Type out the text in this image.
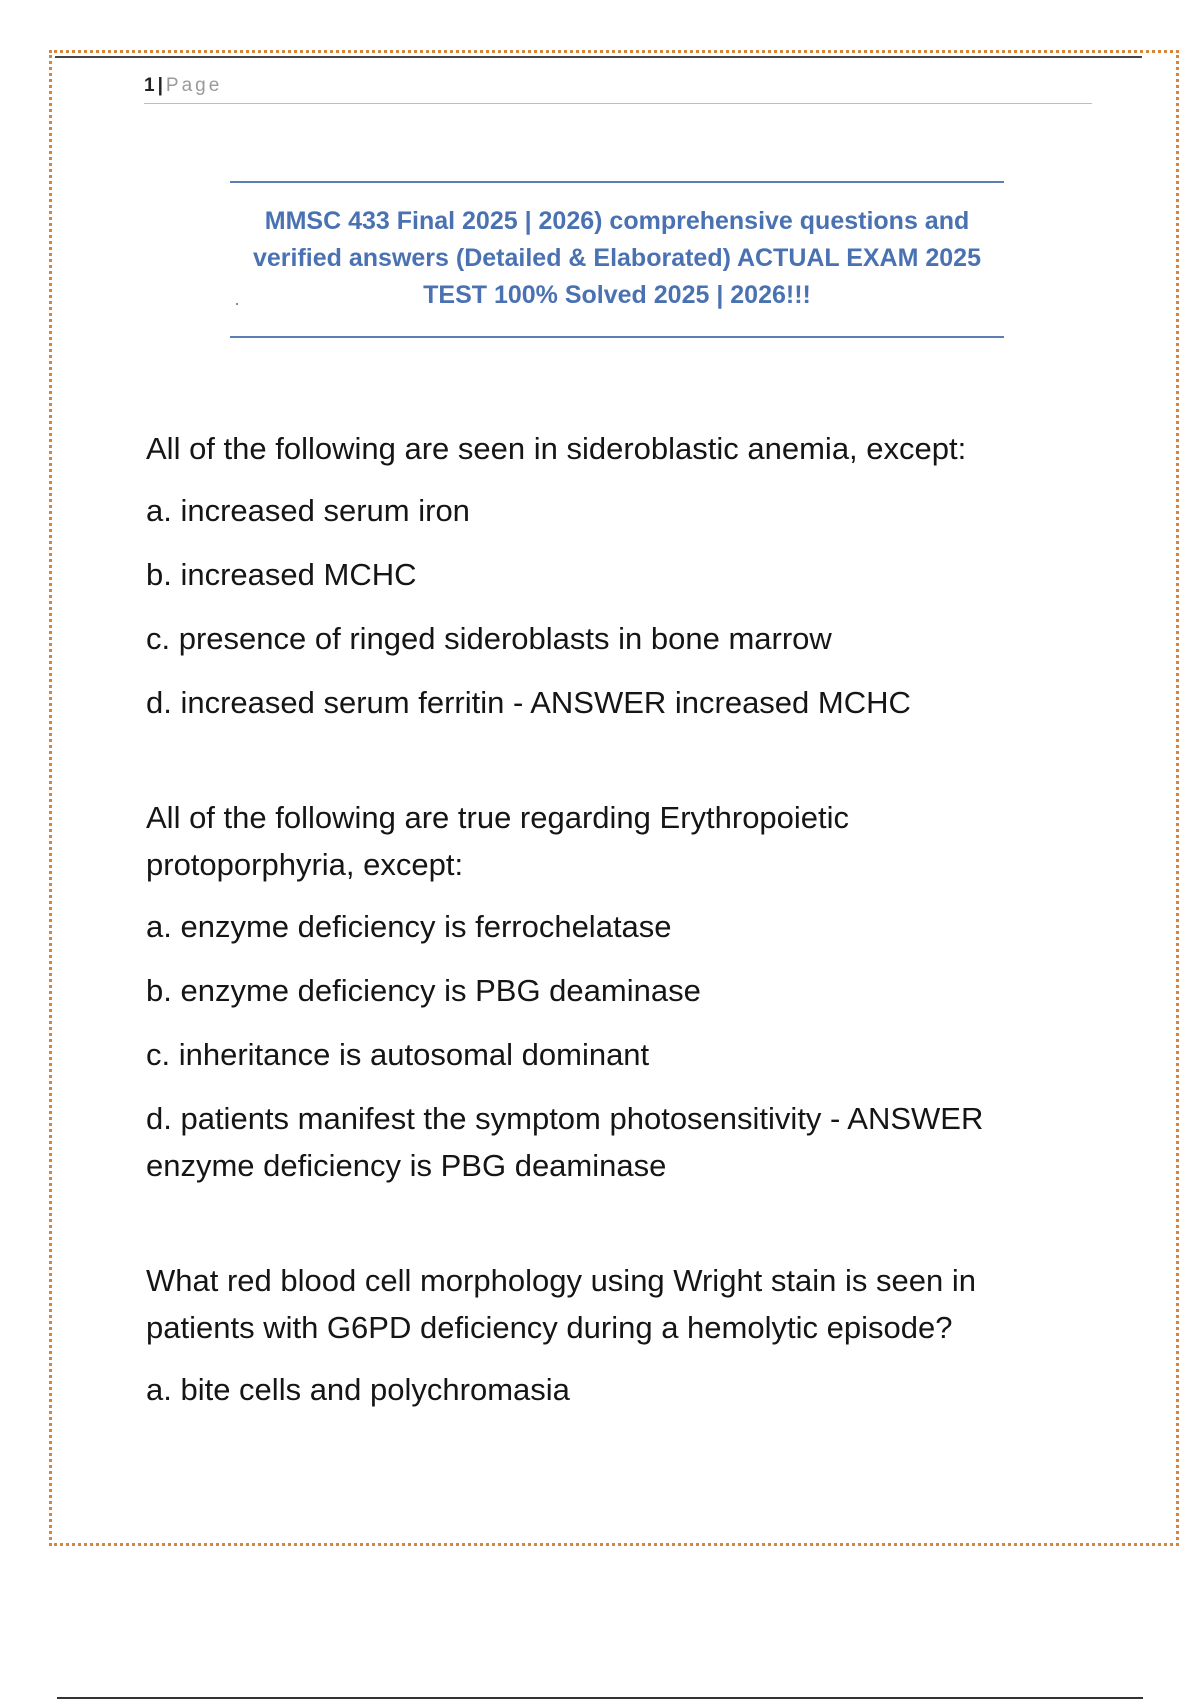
1 | Page
MMSC 433 Final 2025 | 2026) comprehensive questions and
verified answers (Detailed & Elaborated) ACTUAL EXAM 2025
TEST 100% Solved 2025 | 2026!!!
All of the following are seen in sideroblastic anemia, except:
a. increased serum iron
b. increased MCHC
c. presence of ringed sideroblasts in bone marrow
d. increased serum ferritin - ANSWER increased MCHC
All of the following are true regarding Erythropoietic protoporphyria, except:
a. enzyme deficiency is ferrochelatase
b. enzyme deficiency is PBG deaminase
c. inheritance is autosomal dominant
d. patients manifest the symptom photosensitivity - ANSWER enzyme deficiency is PBG deaminase
What red blood cell morphology using Wright stain is seen in patients with G6PD deficiency during a hemolytic episode?
a. bite cells and polychromasia
